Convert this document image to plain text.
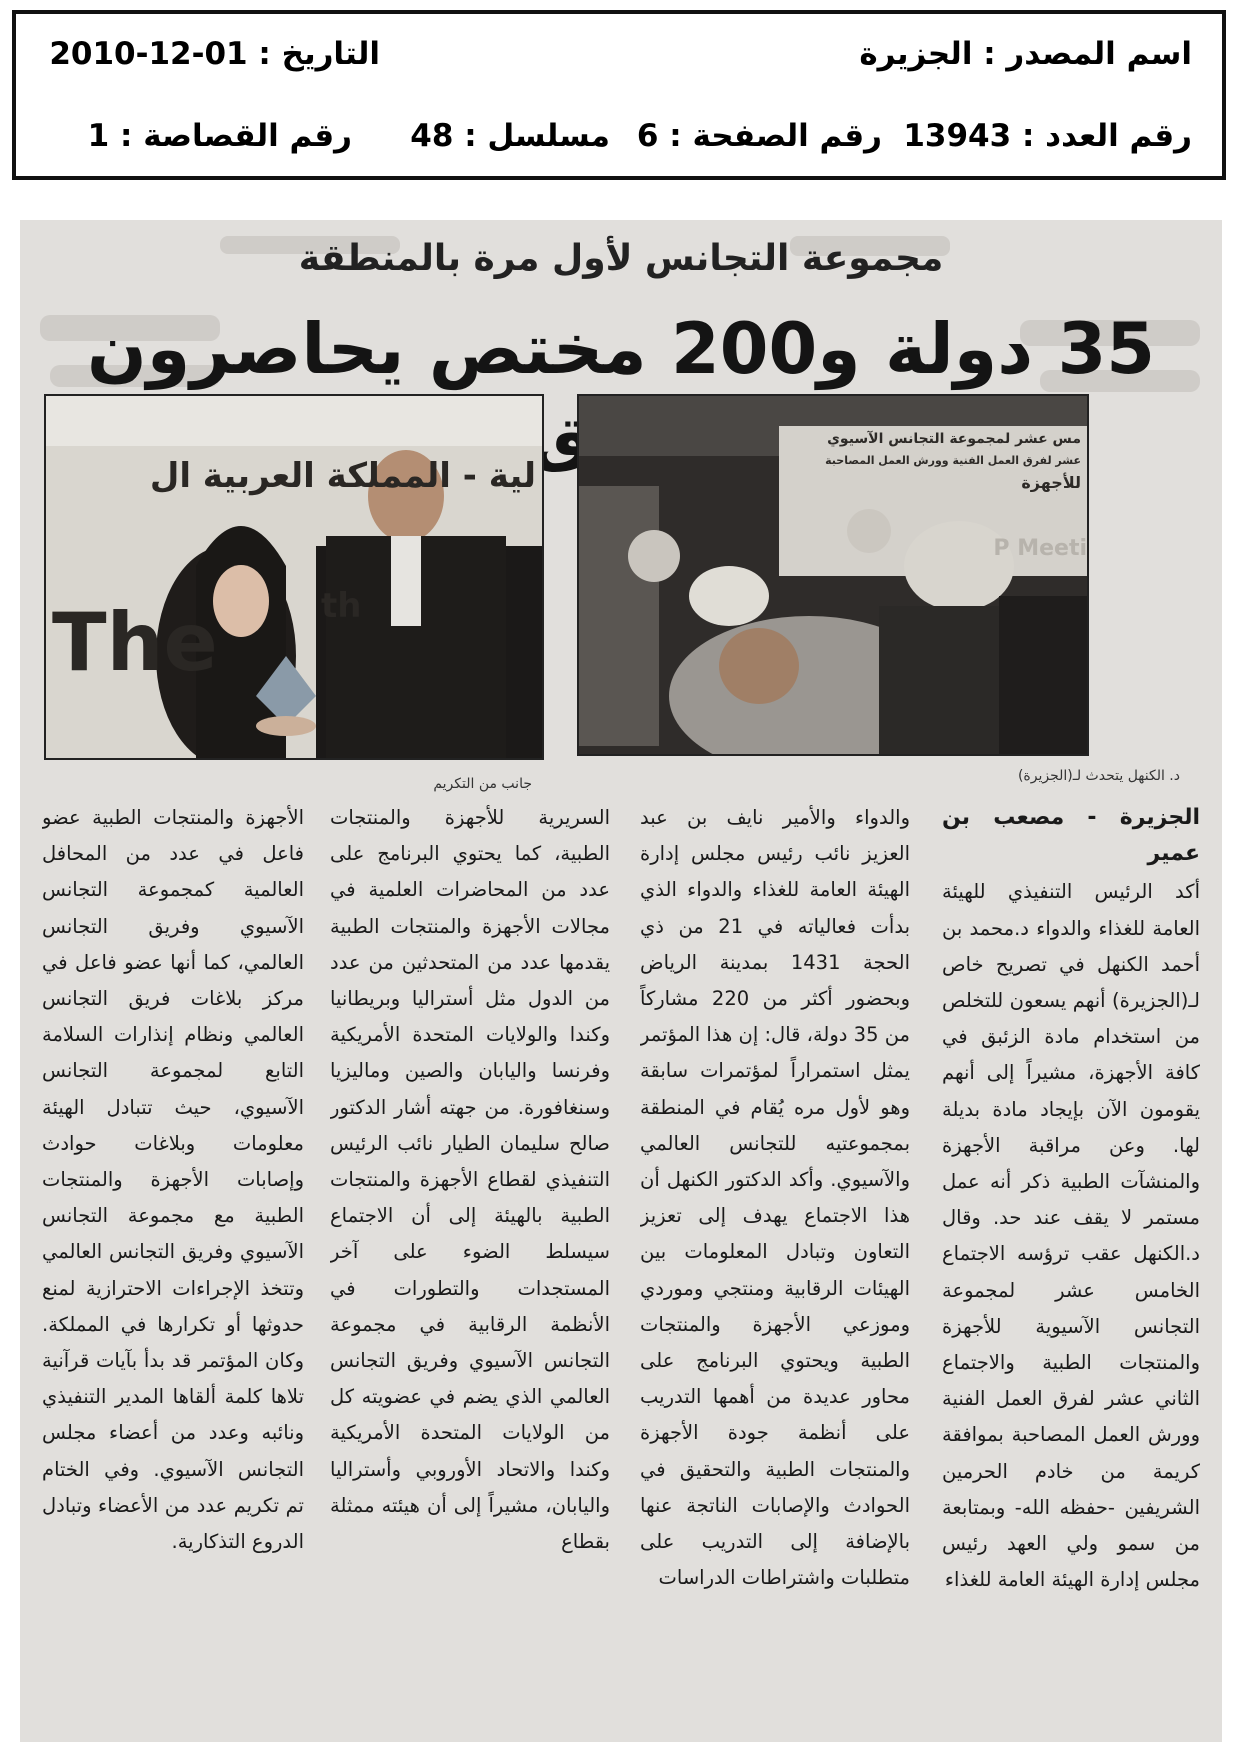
اسم المصدر : الجزيرة
التاريخ : 01-12-2010
رقم العدد : 13943
رقم الصفحة : 6
مسلسل : 48
رقم القصاصة : 1
مجموعة التجانس لأول مرة بالمنطقة
35 دولة و200 مختص يحاصرون
مس عشر لمجموعة التجانس الآسيوي
عشر لفرق العمل الفنية وورش العمل المصاحبة
للأجهزة
P Meeti
د. الكنهل يتحدث لـ(الجزيرة)
لية - المملكة العربية ال
The	th
جانب من التكريم
الجزيرة - مصعب بن عمير

أكد الرئيس التنفيذي للهيئة العامة للغذاء والدواء د.محمد بن أحمد الكنهل في تصريح خاص لـ(الجزيرة) أنهم يسعون للتخلص من استخدام مادة الزئبق في كافة الأجهزة، مشيراً إلى أنهم يقومون الآن بإيجاد مادة بديلة لها. وعن مراقبة الأجهزة والمنشآت الطبية ذكر أنه عمل مستمر لا يقف عند حد. وقال د.الكنهل عقب ترؤسه الاجتماع الخامس عشر لمجموعة التجانس الآسيوية للأجهزة والمنتجات الطبية والاجتماع الثاني عشر لفرق العمل الفنية وورش العمل المصاحبة بموافقة كريمة من خادم الحرمين الشريفين -حفظه الله- وبمتابعة من سمو ولي العهد رئيس مجلس إدارة الهيئة العامة للغذاء

والدواء والأمير نايف بن عبد العزيز نائب رئيس مجلس إدارة الهيئة العامة للغذاء والدواء الذي بدأت فعالياته في 21 من ذي الحجة 1431 بمدينة الرياض وبحضور أكثر من 220 مشاركاً من 35 دولة، قال: إن هذا المؤتمر يمثل استمراراً لمؤتمرات سابقة وهو لأول مره يُقام في المنطقة بمجموعتيه للتجانس العالمي والآسيوي. وأكد الدكتور الكنهل أن هذا الاجتماع يهدف إلى تعزيز التعاون وتبادل المعلومات بين الهيئات الرقابية ومنتجي وموردي وموزعي الأجهزة والمنتجات الطبية ويحتوي البرنامج على محاور عديدة من أهمها التدريب على أنظمة جودة الأجهزة والمنتجات الطبية والتحقيق في الحوادث والإصابات الناتجة عنها بالإضافة إلى التدريب على متطلبات واشتراطات الدراسات

السريرية للأجهزة والمنتجات الطبية، كما يحتوي البرنامج على عدد من المحاضرات العلمية في مجالات الأجهزة والمنتجات الطبية يقدمها عدد من المتحدثين من عدد من الدول مثل أستراليا وبريطانيا وكندا والولايات المتحدة الأمريكية وفرنسا واليابان والصين وماليزيا وسنغافورة. من جهته أشار الدكتور صالح سليمان الطيار نائب الرئيس التنفيذي لقطاع الأجهزة والمنتجات الطبية بالهيئة إلى أن الاجتماع سيسلط الضوء على آخر المستجدات والتطورات في الأنظمة الرقابية في مجموعة التجانس الآسيوي وفريق التجانس العالمي الذي يضم في عضويته كل من الولايات المتحدة الأمريكية وكندا والاتحاد الأوروبي وأستراليا واليابان، مشيراً إلى أن هيئته ممثلة بقطاع

الأجهزة والمنتجات الطبية عضو فاعل في عدد من المحافل العالمية كمجموعة التجانس الآسيوي وفريق التجانس العالمي، كما أنها عضو فاعل في مركز بلاغات فريق التجانس العالمي ونظام إنذارات السلامة التابع لمجموعة التجانس الآسيوي، حيث تتبادل الهيئة معلومات وبلاغات حوادث وإصابات الأجهزة والمنتجات الطبية مع مجموعة التجانس الآسيوي وفريق التجانس العالمي وتتخذ الإجراءات الاحترازية لمنع حدوثها أو تكرارها في المملكة. وكان المؤتمر قد بدأ بآيات قرآنية تلاها كلمة ألقاها المدير التنفيذي ونائبه وعدد من أعضاء مجلس التجانس الآسيوي. وفي الختام تم تكريم عدد من الأعضاء وتبادل الدروع التذكارية.
